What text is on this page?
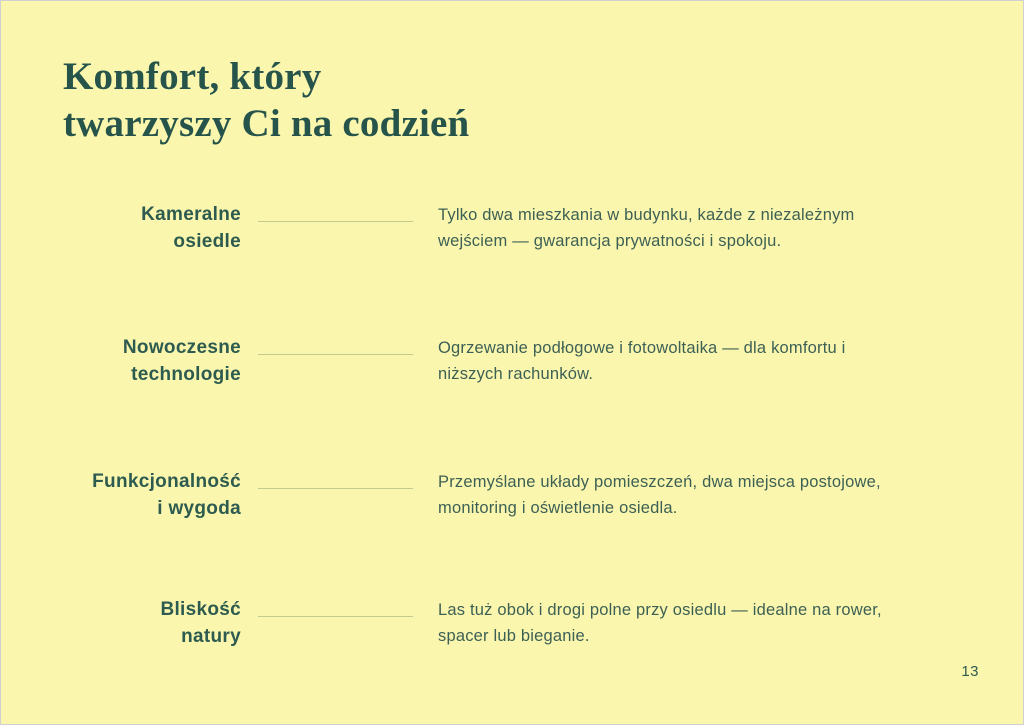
Komfort, który
twarzyszy Ci na codzień
Kameralne
osiedle
Tylko dwa mieszkania w budynku, każde z niezależnym wejściem — gwarancja prywatności i spokoju.
Nowoczesne
technologie
Ogrzewanie podłogowe i fotowoltaika — dla komfortu i niższych rachunków.
Funkcjonalność
i wygoda
Przemyślane układy pomieszczeń, dwa miejsca postojowe, monitoring i oświetlenie osiedla.
Bliskość
natury
Las tuż obok i drogi polne przy osiedlu — idealne na rower, spacer lub bieganie.
13
